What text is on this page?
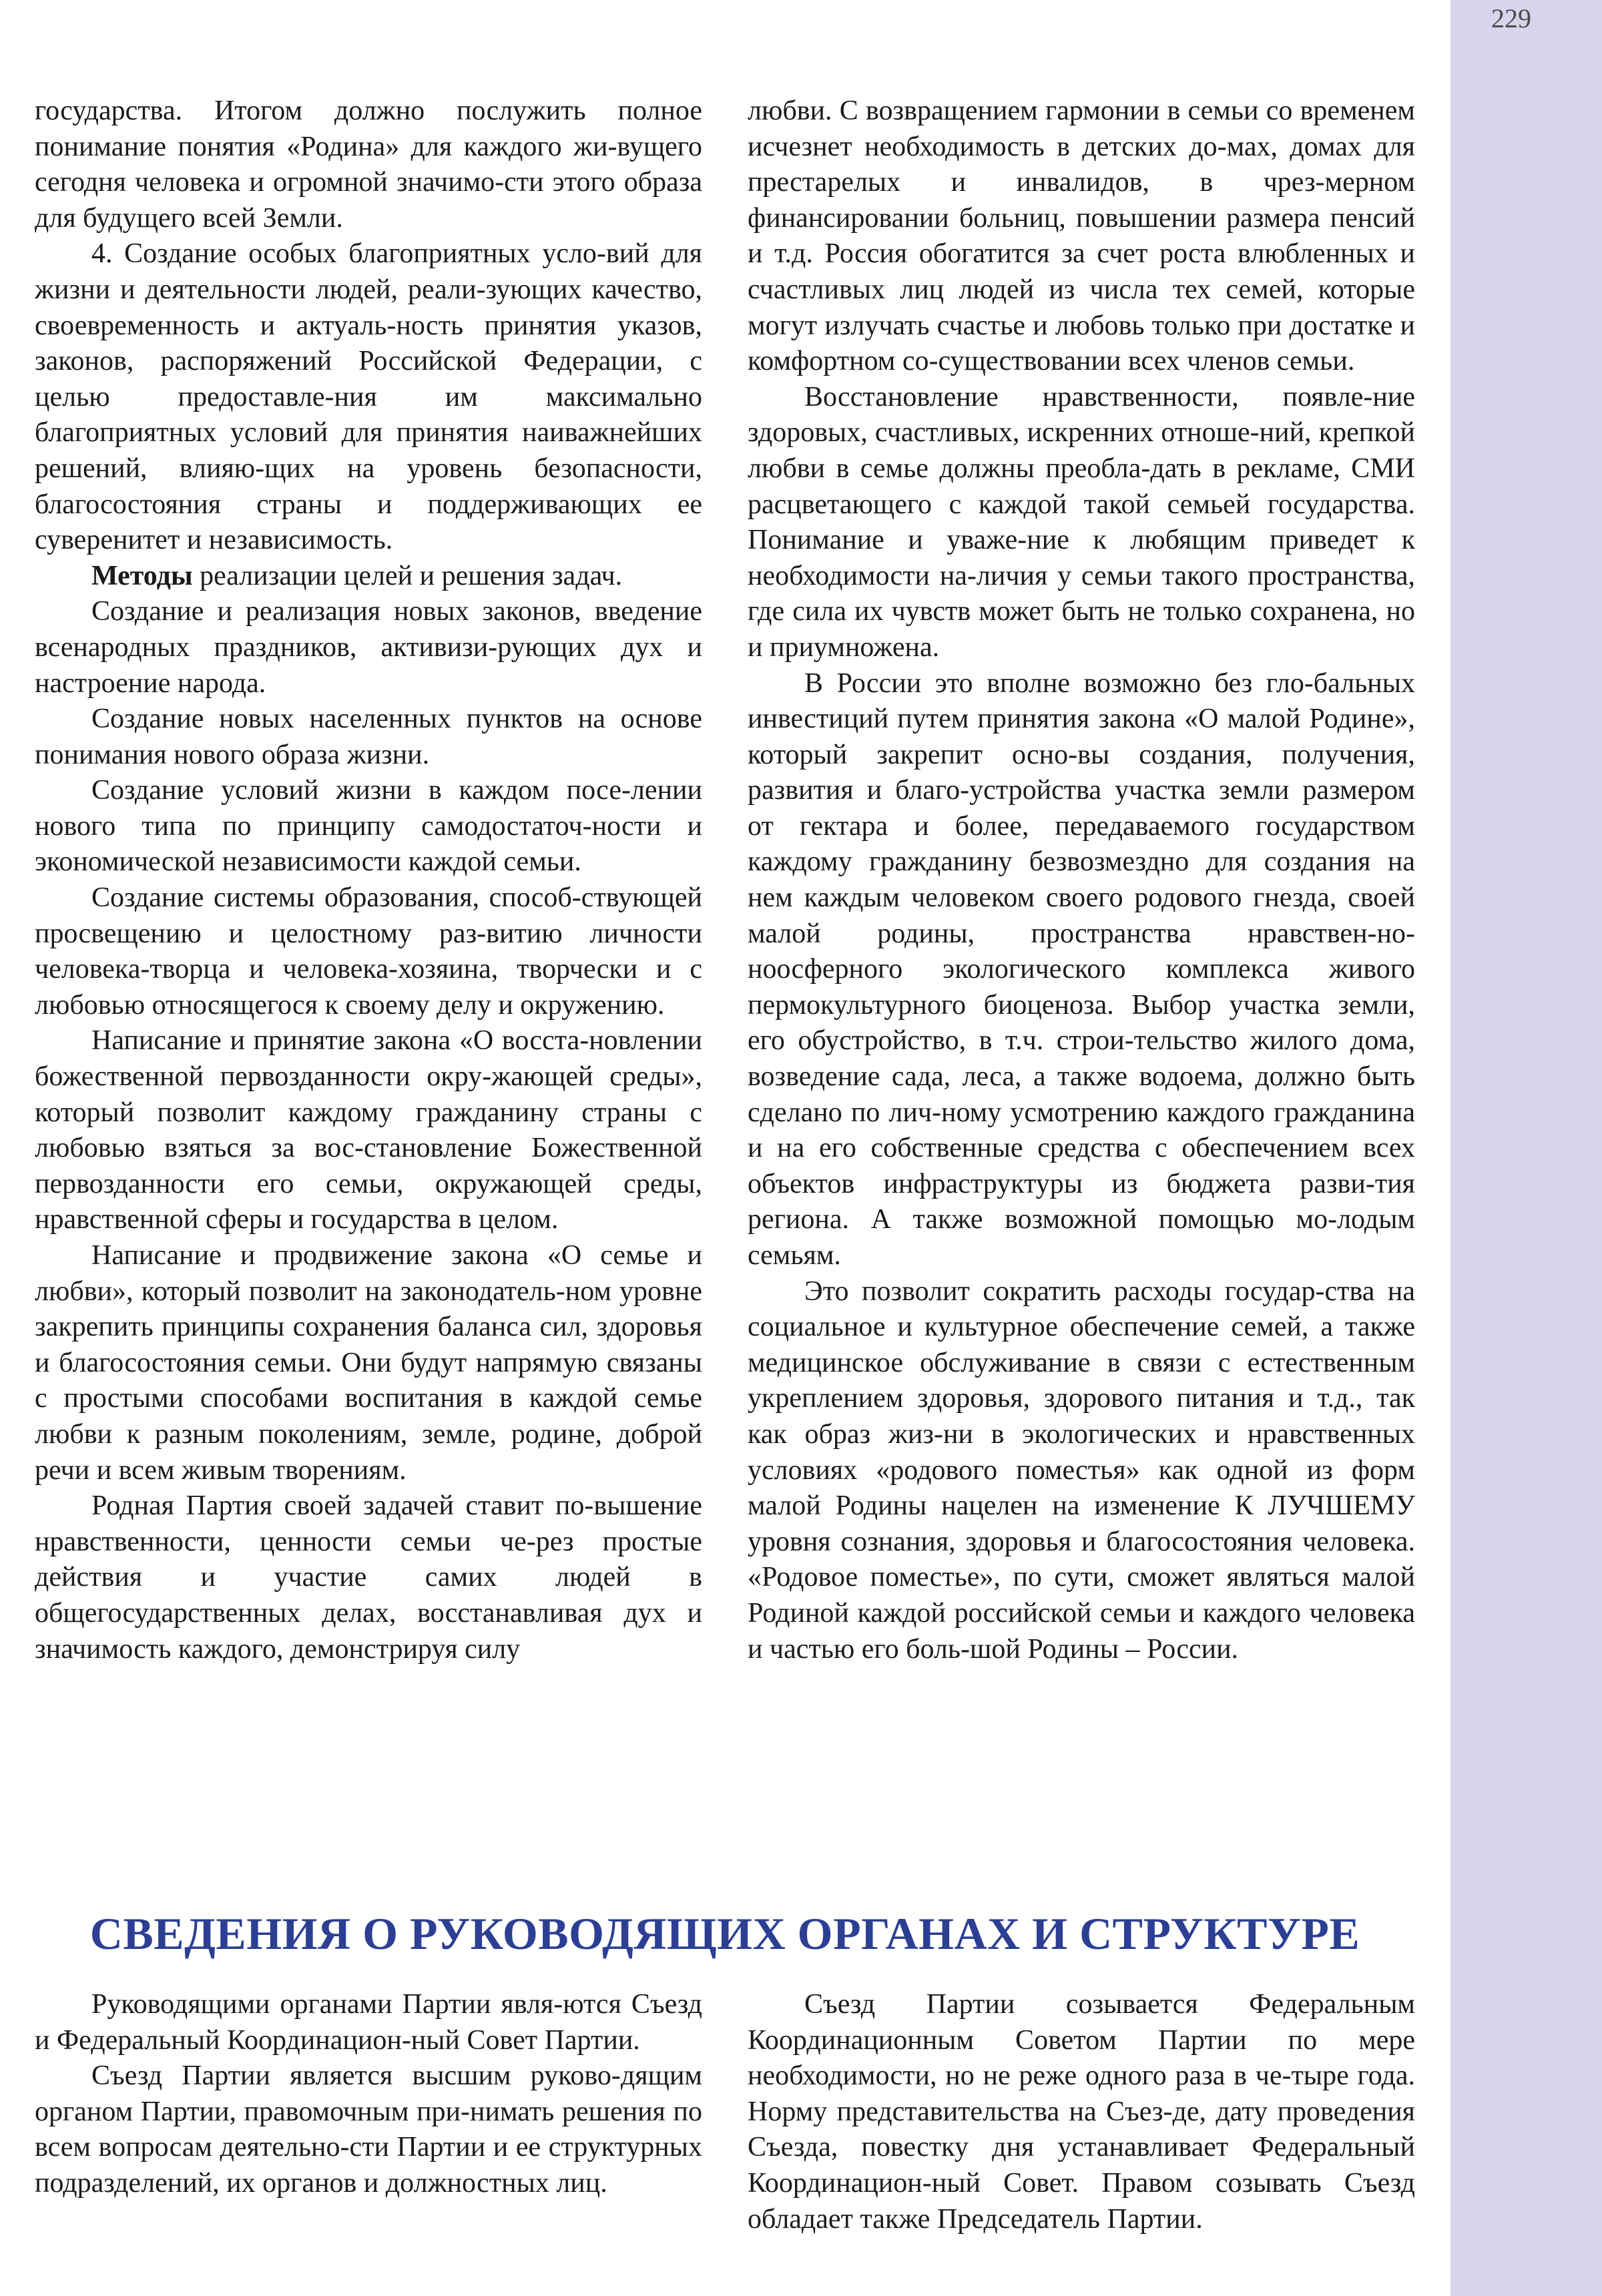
229

государства. Итогом должно послужить полное понимание понятия «Родина» для каждого жи-вущего сегодня человека и огромной значимо-сти этого образа для будущего всей Земли.

4. Создание особых благоприятных усло-вий для жизни и деятельности людей, реали-зующих качество, своевременность и актуаль-ность принятия указов, законов, распоряжений Российской Федерации, с целью предоставле-ния им максимально благоприятных условий для принятия наиважнейших решений, влияю-щих на уровень безопасности, благосостояния страны и поддерживающих ее суверенитет и независимость.

Методы реализации целей и решения задач.

Создание и реализация новых законов, введение всенародных праздников, активизи-рующих дух и настроение народа.

Создание новых населенных пунктов на основе понимания нового образа жизни.

Создание условий жизни в каждом посе-лении нового типа по принципу самодостаточ-ности и экономической независимости каждой семьи.

Создание системы образования, способ-ствующей просвещению и целостному раз-витию личности человека-творца и человека-хозяина, творчески и с любовью относящегося к своему делу и окружению.

Написание и принятие закона «О восста-новлении божественной первозданности окру-жающей среды», который позволит каждому гражданину страны с любовью взяться за вос-становление Божественной первозданности его семьи, окружающей среды, нравственной сферы и государства в целом.

Написание и продвижение закона «О семье и любви», который позволит на законодатель-ном уровне закрепить принципы сохранения баланса сил, здоровья и благосостояния семьи. Они будут напрямую связаны с простыми способами воспитания в каждой семье любви к разным поколениям, земле, родине, доброй речи и всем живым творениям.

Родная Партия своей задачей ставит по-вышение нравственности, ценности семьи че-рез простые действия и участие самих людей в общегосударственных делах, восстанавливая дух и значимость каждого, демонстрируя силу

любви. С возвращением гармонии в семьи со временем исчезнет необходимость в детских до-мах, домах для престарелых и инвалидов, в чрез-мерном финансировании больниц, повышении размера пенсий и т.д. Россия обогатится за счет роста влюбленных и счастливых лиц людей из числа тех семей, которые могут излучать счастье и любовь только при достатке и комфортном со-существовании всех членов семьи.

Восстановление нравственности, появле-ние здоровых, счастливых, искренних отноше-ний, крепкой любви в семье должны преобла-дать в рекламе, СМИ расцветающего с каждой такой семьей государства. Понимание и уваже-ние к любящим приведет к необходимости на-личия у семьи такого пространства, где сила их чувств может быть не только сохранена, но и приумножена.

В России это вполне возможно без гло-бальных инвестиций путем принятия закона «О малой Родине», который закрепит осно-вы создания, получения, развития и благо-устройства участка земли размером от гектара и более, передаваемого государством каждому гражданину безвозмездно для создания на нем каждым человеком своего родового гнезда, своей малой родины, пространства нравствен-но-ноосферного экологического комплекса живого пермокультурного биоценоза. Выбор участка земли, его обустройство, в т.ч. строи-тельство жилого дома, возведение сада, леса, а также водоема, должно быть сделано по лич-ному усмотрению каждого гражданина и на его собственные средства с обеспечением всех объектов инфраструктуры из бюджета разви-тия региона. А также возможной помощью мо-лодым семьям.

Это позволит сократить расходы государ-ства на социальное и культурное обеспечение семей, а также медицинское обслуживание в связи с естественным укреплением здоровья, здорового питания и т.д., так как образ жиз-ни в экологических и нравственных условиях «родового поместья» как одной из форм малой Родины нацелен на изменение К ЛУЧШЕМУ уровня сознания, здоровья и благосостояния человека. «Родовое поместье», по сути, сможет являться малой Родиной каждой российской семьи и каждого человека и частью его боль-шой Родины – России.

СВЕДЕНИЯ О РУКОВОДЯЩИХ ОРГАНАХ И СТРУКТУРЕ

Руководящими органами Партии явля-ются Съезд и Федеральный Координацион-ный Совет Партии.

Съезд Партии является высшим руково-дящим органом Партии, правомочным при-нимать решения по всем вопросам деятельно-сти Партии и ее структурных подразделений, их органов и должностных лиц.

Съезд Партии созывается Федеральным Координационным Советом Партии по мере необходимости, но не реже одного раза в че-тыре года. Норму представительства на Съез-де, дату проведения Съезда, повестку дня устанавливает Федеральный Координацион-ный Совет. Правом созывать Съезд обладает также Председатель Партии.
